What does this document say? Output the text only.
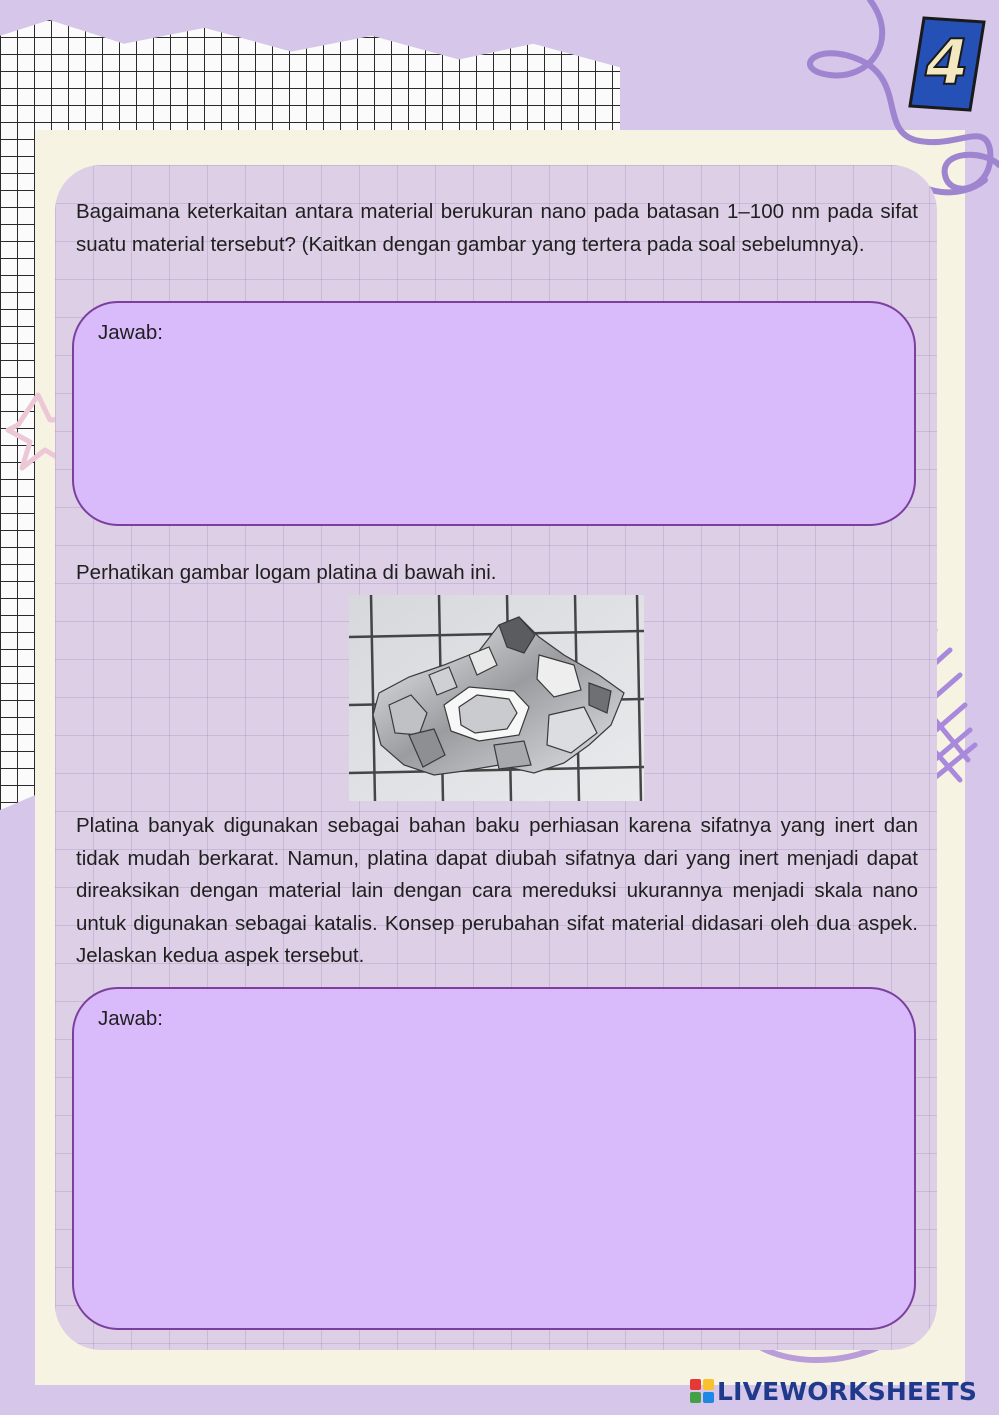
4

Bagaimana keterkaitan antara material berukuran nano pada batasan 1–100 nm pada sifat suatu material tersebut? (Kaitkan dengan gambar yang tertera pada soal sebelumnya).

Jawab:

Perhatikan gambar logam platina di bawah ini.

Platina banyak digunakan sebagai bahan baku perhiasan karena sifatnya yang inert dan tidak mudah berkarat. Namun, platina dapat diubah sifatnya dari yang inert menjadi dapat direaksikan dengan material lain dengan cara mereduksi ukurannya menjadi skala nano untuk digunakan sebagai katalis. Konsep perubahan sifat material didasari oleh dua aspek. Jelaskan kedua aspek tersebut.

Jawab:
LIVEWORKSHEETS
